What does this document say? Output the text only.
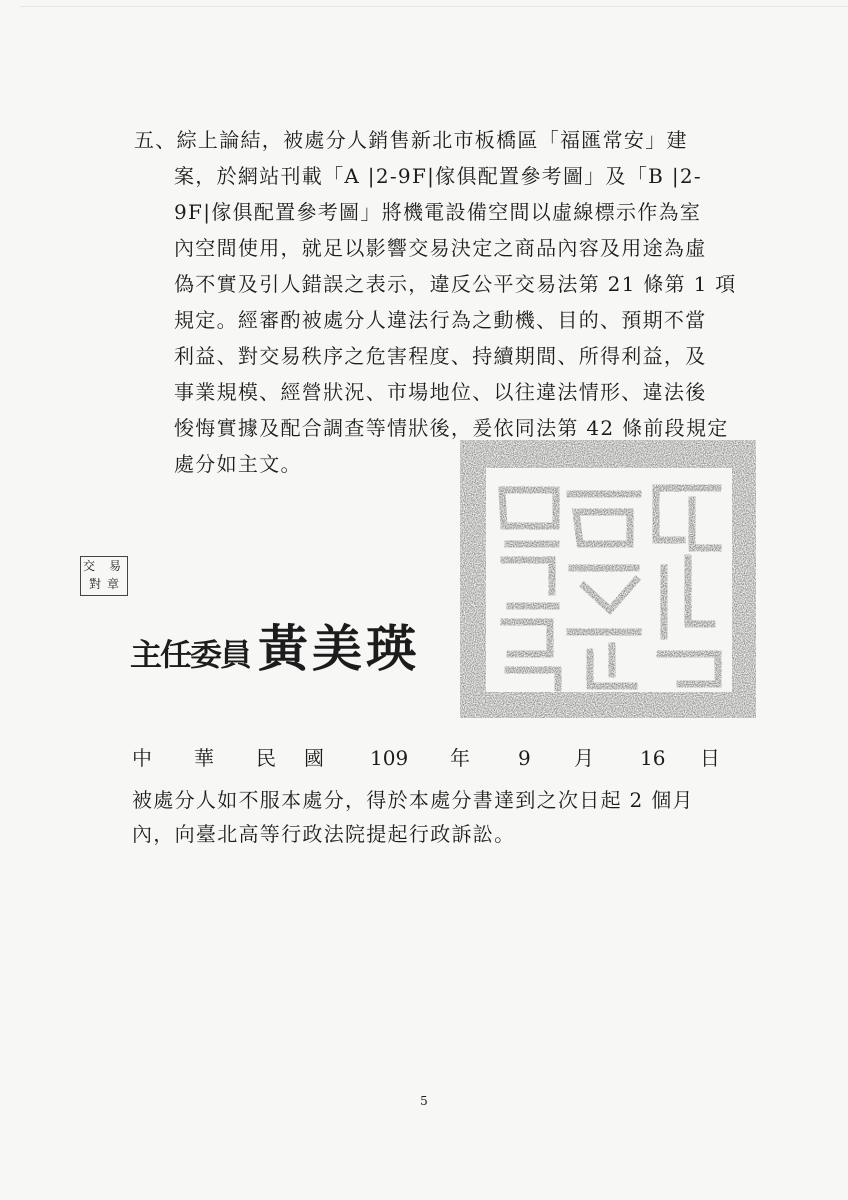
五、綜上論結，被處分人銷售新北市板橋區「福匯常安」建
案，於網站刊載「A |2-9F|傢俱配置參考圖」及「B |2-
9F|傢俱配置參考圖」將機電設備空間以虛線標示作為室
內空間使用，就足以影響交易決定之商品內容及用途為虛
偽不實及引人錯誤之表示，違反公平交易法第 21 條第 1 項
規定。經審酌被處分人違法行為之動機、目的、預期不當
利益、對交易秩序之危害程度、持續期間、所得利益，及
事業規模、經營狀況、市場地位、以往違法情形、違法後
悛悔實據及配合調查等情狀後，爰依同法第 42 條前段規定
處分如主文。
交 易
對 章
主任委員 黃美瑛
中 華 民 國 109 年 9 月 16 日
被處分人如不服本處分，得於本處分書達到之次日起 2 個月
內，向臺北高等行政法院提起行政訴訟。
5
